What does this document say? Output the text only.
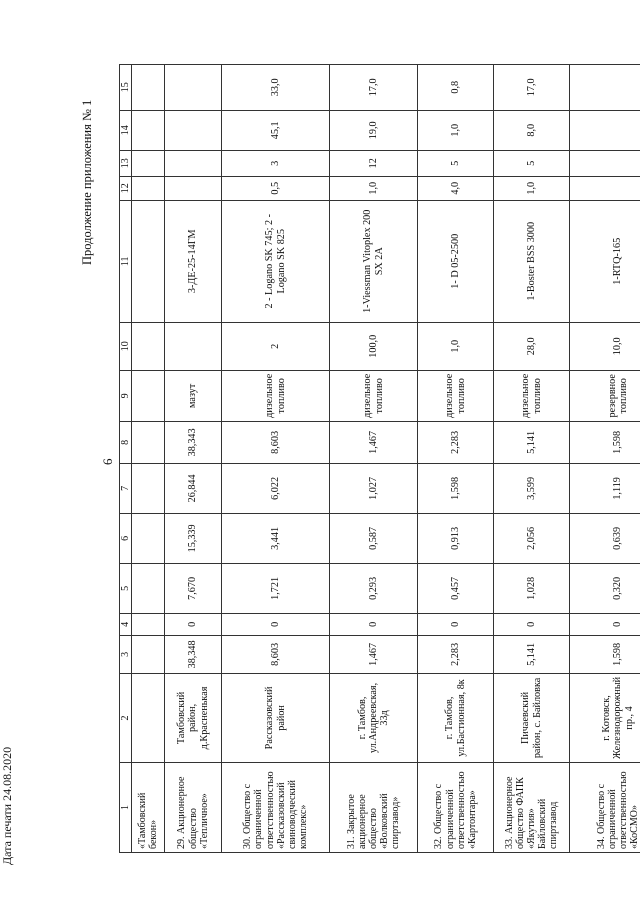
6
Продолжение приложения № 1
Дата печати 24.08.2020	1	2	3	4	5	6	7	8	9	10	11	12	13	14	15
«Тамбовский бекон»														
29. Акционерное общество «Тепличное»	Тамбовский район, д.Красненькая	38,348	0	7,670	15,339	26,844	38,343	мазут		3-ДЕ-25-14ГМ				
30. Общество с ограниченной ответственностью «Рассказовский свиноводческий комплекс»	Рассказовский район	8,603	0	1,721	3,441	6,022	8,603	дизельное топливо	2	2 - Logano SK 745; 2 - Logano SK 825	0,5	3	45,1	33,0
31. Закрытое акционерное общество «Волковский спиртзавод»	г. Тамбов, ул.Андреевская, 33д	1,467	0	0,293	0,587	1,027	1,467	дизельное топливо	100,0	1-Viessman Vitoplex 200 SX 2A	1,0	12	19,0	17,0
32. Общество с ограниченной ответственностью «Картонтара»	г. Тамбов, ул.Бастионная, 8к	2,283	0	0,457	0,913	1,598	2,283	дизельное топливо	1,0	1- D 05-2500	4,0	5	1,0	0,8
33. Акционерное общество ФАПК «Якутия» Байловский спиртзавод	Пичаевский район, с. Байловка	5,141	0	1,028	2,056	3,599	5,141	дизельное топливо	28,0	1-Boster BSS 3000	1,0	5	8,0	17,0
34. Общество с ограниченной ответственностью «КоСМО»	г. Котовск, Железнодорожный пр., 4	1,598	0	0,320	0,639	1,119	1,598	резервное топливо	10,0	1-RTQ-165				
